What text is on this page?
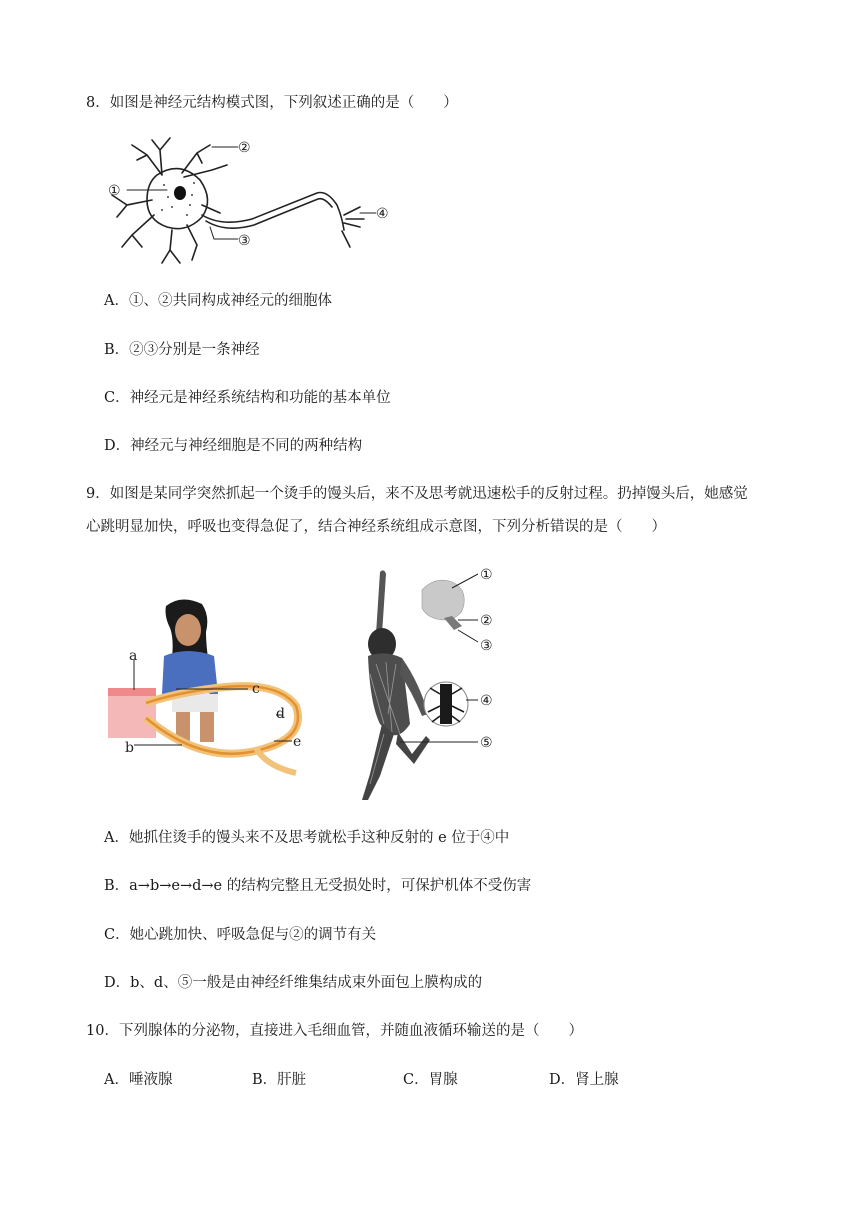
8．如图是神经元结构模式图，下列叙述正确的是（　　）
①
②
③
④
A．①、②共同构成神经元的细胞体
B．②③分别是一条神经
C．神经元是神经系统结构和功能的基本单位
D．神经元与神经细胞是不同的两种结构
9．如图是某同学突然抓起一个烫手的馒头后，来不及思考就迅速松手的反射过程。扔掉馒头后，她感觉
心跳明显加快，呼吸也变得急促了，结合神经系统组成示意图，下列分析错误的是（　　）
a
b
c
d
e
①
②
③
④
⑤
A．她抓住烫手的馒头来不及思考就松手这种反射的 e 位于④中
B．a→b→e→d→e 的结构完整且无受损处时，可保护机体不受伤害
C．她心跳加快、呼吸急促与②的调节有关
D．b、d、⑤一般是由神经纤维集结成束外面包上膜构成的
10．下列腺体的分泌物，直接进入毛细血管，并随血液循环输送的是（　　）
A．唾液腺	B．肝脏	C．胃腺	D．肾上腺
